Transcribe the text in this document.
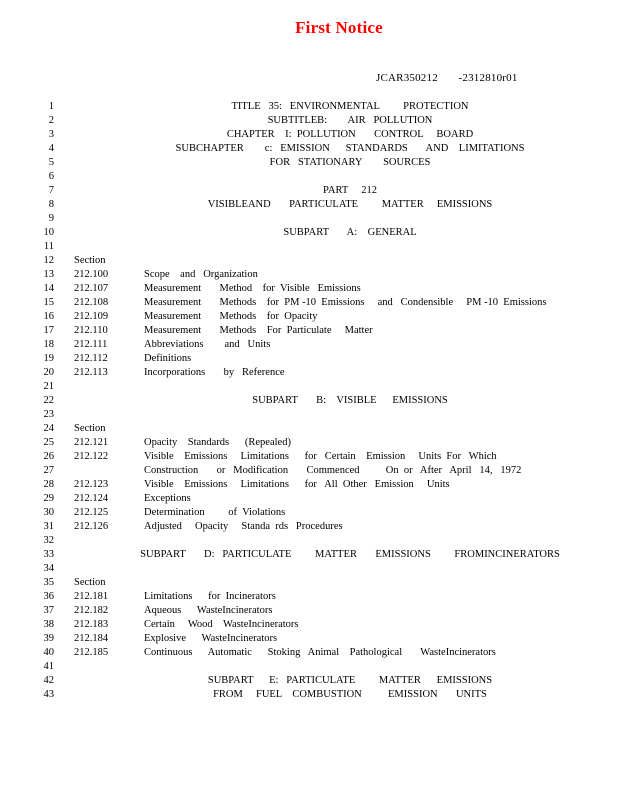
First Notice
JCAR350212       -2312810r01
1	TITLE   35:   ENVIRONMENTAL         PROTECTION
2	SUBTITLEB:        AIR   POLLUTION
3	CHAPTER    I:  POLLUTION       CONTROL     BOARD
4	SUBCHAPTER        c:   EMISSION      STANDARDS       AND    LIMITATIONS
5	FOR   STATIONARY        SOURCES
6
7	PART     212
8	VISIBLEAND       PARTICULATE         MATTER     EMISSIONS
9
10	SUBPART       A:    GENERAL
11
12 Section
13 212.100	Scope    and   Organization
14 212.107	Measurement       Method    for  Visible   Emissions
15 212.108	Measurement       Methods    for  PM -10  Emissions     and   Condensible     PM -10  Emissions
16 212.109	Measurement       Methods    for  Opacity
17 212.110	Measurement       Methods    For  Particulate     Matter
18 212.111	Abbreviations        and   Units
19 212.112	Definitions
20 212.113	Incorporations       by   Reference
21
22	SUBPART       B:    VISIBLE      EMISSIONS
23
24 Section
25 212.121	Opacity    Standards      (Repealed)
26 212.122	Visible    Emissions     Limitations      for   Certain    Emission     Units  For   Which
27	Construction       or   Modification       Commenced          On  or   After   April   14,   1972
28 212.123	Visible    Emissions     Limitations      for   All  Other   Emission     Units
29 212.124	Exceptions
30 212.125	Determination         of  Violations
31 212.126	Adjusted     Opacity     Standa  rds   Procedures
32
33	SUBPART       D:   PARTICULATE         MATTER       EMISSIONS         FROMINCINERATORS
34
35 Section
36 212.181	Limitations      for  Incinerators
37 212.182	Aqueous      WasteIncinerators
38 212.183	Certain     Wood    WasteIncinerators
39 212.184	Explosive      WasteIncinerators
40 212.185	Continuous      Automatic      Stoking   Animal    Pathological       WasteIncinerators
41
42	SUBPART      E:   PARTICULATE         MATTER      EMISSIONS
43	FROM     FUEL    COMBUSTION          EMISSION       UNITS
